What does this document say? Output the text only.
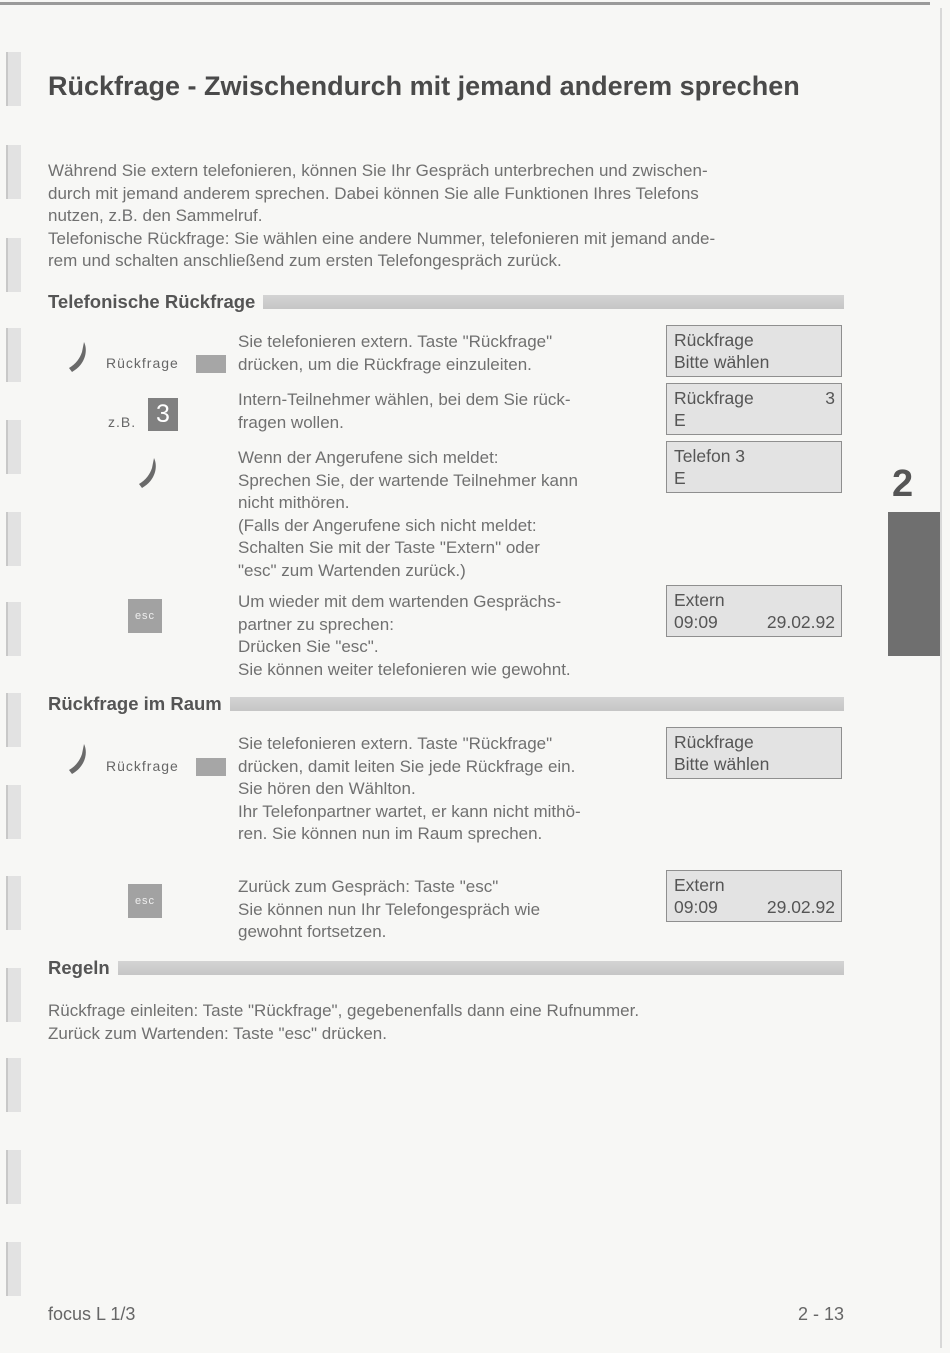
Rückfrage - Zwischendurch mit jemand anderem sprechen

Während Sie extern telefonieren, können Sie Ihr Gespräch unterbrechen und zwischen-
durch mit jemand anderem sprechen. Dabei können Sie alle Funktionen Ihres Telefons
nutzen, z.B. den Sammelruf.
Telefonische Rückfrage: Sie wählen eine andere Nummer, telefonieren mit jemand ande-
rem und schalten anschließend zum ersten Telefongespräch zurück.

Telefonische Rückfrage
Rückfrage

Sie telefonieren extern. Taste "Rückfrage"
drücken, um die Rückfrage einzuleiten.

Rückfrage
Bitte wählen
z.B. 3

Intern-Teilnehmer wählen, bei dem Sie rück-
fragen wollen.

Rückfrage	3
E

Wenn der Angerufene sich meldet:
Sprechen Sie, der wartende Teilnehmer kann
nicht mithören.
(Falls der Angerufene sich nicht meldet:
Schalten Sie mit der Taste "Extern" oder
"esc" zum Wartenden zurück.)

Telefon 3
E
esc

Um wieder mit dem wartenden Gesprächs-
partner zu sprechen:
Drücken Sie "esc".
Sie können weiter telefonieren wie gewohnt.

Extern
09:09	29.02.92
Rückfrage im Raum
Rückfrage

Sie telefonieren extern. Taste "Rückfrage"
drücken, damit leiten Sie jede Rückfrage ein.
Sie hören den Wählton.
Ihr Telefonpartner wartet, er kann nicht mithö-
ren. Sie können nun im Raum sprechen.

Rückfrage
Bitte wählen
esc

Zurück zum Gespräch: Taste "esc"
Sie können nun Ihr Telefongespräch wie
gewohnt fortsetzen.

Extern
09:09	29.02.92
Regeln

Rückfrage einleiten: Taste "Rückfrage", gegebenenfalls dann eine Rufnummer.
Zurück zum Wartenden: Taste "esc" drücken.

2
focus L 1/3	2 - 13
